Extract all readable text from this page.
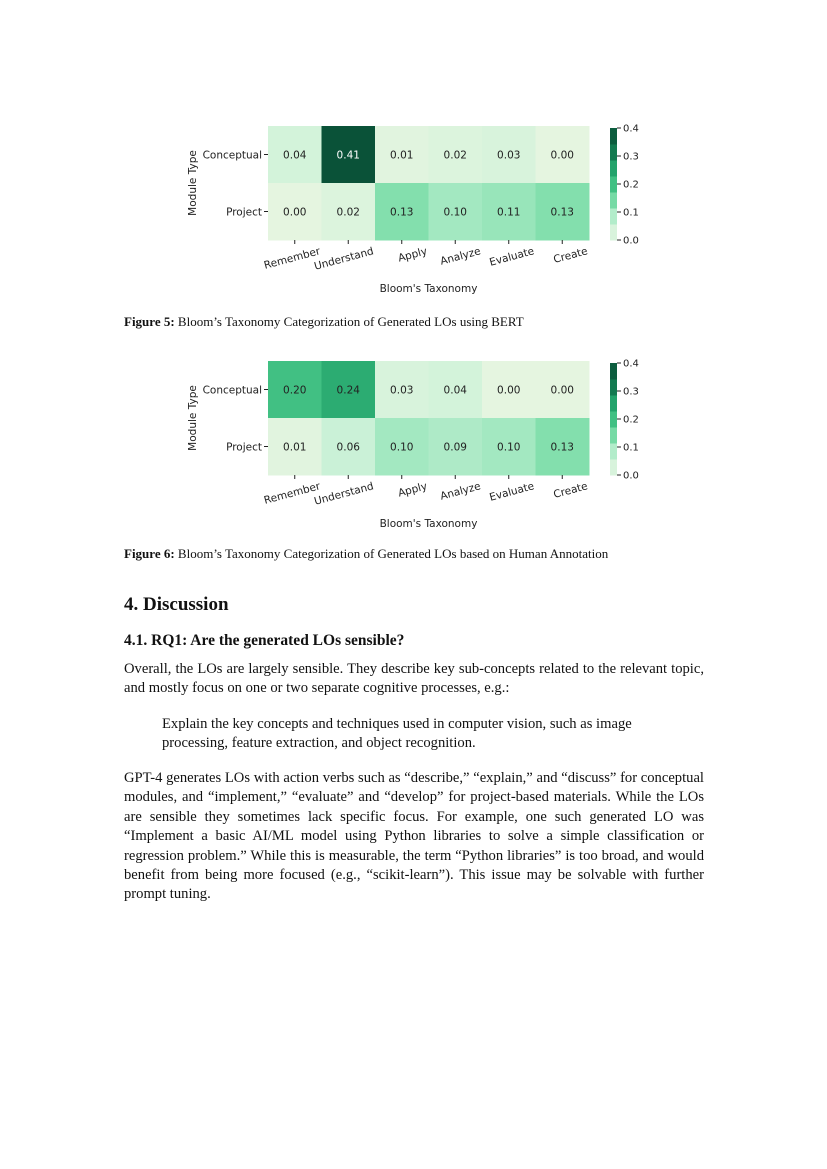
0.04	0.41	0.01	0.02	0.03	0.00
0.00	0.02	0.13	0.10	0.11	0.13
Conceptual
Project
Module Type
Remember
Understand Apply Analyze Evaluate Create
Bloom's Taxonomy
0.0
0.1
0.2
0.3
0.4
Figure 5: Bloom’s Taxonomy Categorization of Generated LOs using BERT
0.20	0.24	0.03	0.04	0.00	0.00
0.01	0.06	0.10	0.09	0.10	0.13
Conceptual
Project
Module Type
Remember
Understand Apply Analyze Evaluate Create
Bloom's Taxonomy
0.0
0.1
0.2
0.3
0.4
Figure 6: Bloom’s Taxonomy Categorization of Generated LOs based on Human Annotation
4. Discussion
4.1. RQ1: Are the generated LOs sensible?

Overall, the LOs are largely sensible. They describe key sub-concepts related to the relevant topic, and mostly focus on one or two separate cognitive processes, e.g.:

Explain the key concepts and techniques used in computer vision, such as image processing, feature extraction, and object recognition.

GPT-4 generates LOs with action verbs such as “describe,” “explain,” and “discuss” for conceptual modules, and “implement,” “evaluate” and “develop” for project-based materials. While the LOs are sensible they sometimes lack specific focus. For example, one such generated LO was “Implement a basic AI/ML model using Python libraries to solve a simple classification or regression problem.” While this is measurable, the term “Python libraries” is too broad, and would benefit from being more focused (e.g., “scikit-learn”). This issue may be solvable with further prompt tuning.
